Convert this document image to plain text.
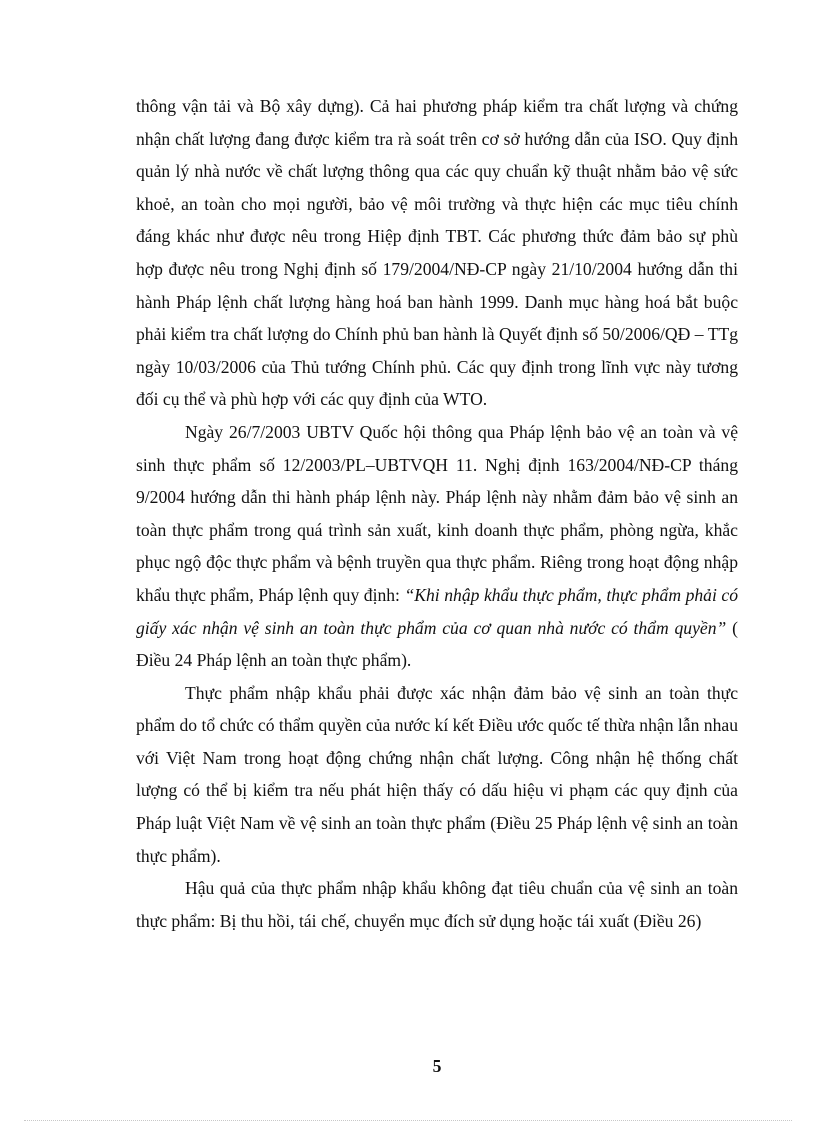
thông vận tải và Bộ xây dựng). Cả hai phương pháp kiểm tra chất lượng và chứng nhận chất lượng đang được kiểm tra rà soát trên cơ sở hướng dẫn của ISO. Quy định quản lý nhà nước về chất lượng thông qua các quy chuẩn kỹ thuật nhằm bảo vệ sức khoẻ, an toàn cho mọi người, bảo vệ môi trường và thực hiện các mục tiêu chính đáng khác như được nêu trong Hiệp định TBT. Các phương thức đảm bảo sự phù hợp được nêu trong Nghị định số 179/2004/NĐ-CP ngày 21/10/2004 hướng dẫn thi hành Pháp lệnh chất lượng hàng hoá ban hành 1999. Danh mục hàng hoá bắt buộc phải kiểm tra chất lượng do Chính phủ ban hành là Quyết định số 50/2006/QĐ – TTg ngày 10/03/2006 của Thủ tướng Chính phủ. Các quy định trong lĩnh vực này tương đối cụ thể và phù hợp với các quy định của WTO.

Ngày 26/7/2003 UBTV Quốc hội thông qua Pháp lệnh bảo vệ an toàn và vệ sinh thực phẩm số 12/2003/PL–UBTVQH 11. Nghị định 163/2004/NĐ-CP tháng 9/2004 hướng dẫn thi hành pháp lệnh này. Pháp lệnh này nhằm đảm bảo vệ sinh an toàn thực phẩm trong quá trình sản xuất, kinh doanh thực phẩm, phòng ngừa, khắc phục ngộ độc thực phẩm và bệnh truyền qua thực phẩm. Riêng trong hoạt động nhập khẩu thực phẩm, Pháp lệnh quy định: “Khi nhập khẩu thực phẩm, thực phẩm phải có giấy xác nhận vệ sinh an toàn thực phẩm của cơ quan nhà nước có thẩm quyền” ( Điều 24 Pháp lệnh an toàn thực phẩm).

Thực phẩm nhập khẩu phải được xác nhận đảm bảo vệ sinh an toàn thực phẩm do tổ chức có thẩm quyền của nước kí kết Điều ước quốc tế thừa nhận lẫn nhau với Việt Nam trong hoạt động chứng nhận chất lượng. Công nhận hệ thống chất lượng có thể bị kiểm tra nếu phát hiện thấy có dấu hiệu vi phạm các quy định của Pháp luật Việt Nam về vệ sinh an toàn thực phẩm (Điều 25 Pháp lệnh vệ sinh an toàn thực phẩm).

Hậu quả của thực phẩm nhập khẩu không đạt tiêu chuẩn của vệ sinh an toàn thực phẩm: Bị thu hồi, tái chế, chuyển mục đích sử dụng hoặc tái xuất (Điều 26)

5
